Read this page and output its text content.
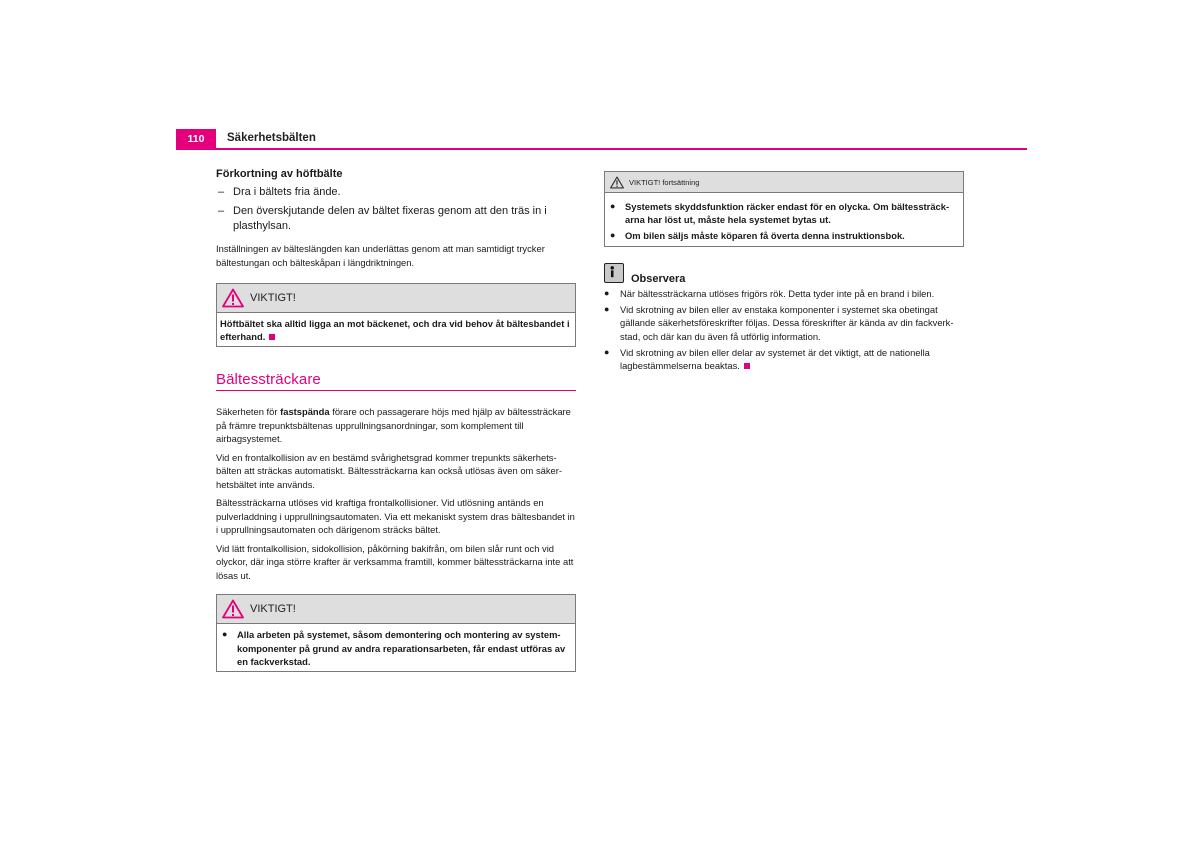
110	Säkerhetsbälten
Förkortning av höftbälte
– Dra i bältets fria ände.
– Den överskjutande delen av bältet fixeras genom att den träs in i plasthylsan.

Inställningen av bälteslängden kan underlättas genom att man samtidigt trycker bältestungan och bälteskåpan i längdriktningen.

VIKTIGT!
Höftbältet ska alltid ligga an mot bäckenet, och dra vid behov åt bältesbandet i efterhand.
Bältessträckare

Säkerheten för fastspända förare och passagerare höjs med hjälp av bältessträckare på främre trepunktsbältenas upprullningsanordningar, som komplement till airbagsystemet.

Vid en frontalkollision av en bestämd svårighetsgrad kommer trepunkts säkerhetsbälten att sträckas automatiskt. Bältessträckarna kan också utlösas även om säkerhetsbältet inte används.

Bältessträckarna utlöses vid kraftiga frontalkollisioner. Vid utlösning antänds en pulverladdning i upprullningsautomaten. Via ett mekaniskt system dras bältesbandet in i upprullningsautomaten och därigenom sträcks bältet.

Vid lätt frontalkollision, sidokollision, påkörning bakifrån, om bilen slår runt och vid olyckor, där inga större krafter är verksamma framtill, kommer bältessträckarna inte att lösas ut.

VIKTIGT!
● Alla arbeten på systemet, såsom demontering och montering av systemkomponenter på grund av andra reparationsarbeten, får endast utföras av en fackverkstad.
VIKTIGT! fortsättning
● Systemets skyddsfunktion räcker endast för en olycka. Om bältessträckarna har löst ut, måste hela systemet bytas ut.
● Om bilen säljs måste köparen få överta denna instruktionsbok.
Observera
● När bältessträckarna utlöses frigörs rök. Detta tyder inte på en brand i bilen.
● Vid skrotning av bilen eller av enstaka komponenter i systemet ska obetingat gällande säkerhetsföreskrifter följas. Dessa föreskrifter är kända av din fackverkstad, och där kan du även få utförlig information.
● Vid skrotning av bilen eller delar av systemet är det viktigt, att de nationella lagbestämmelserna beaktas.
